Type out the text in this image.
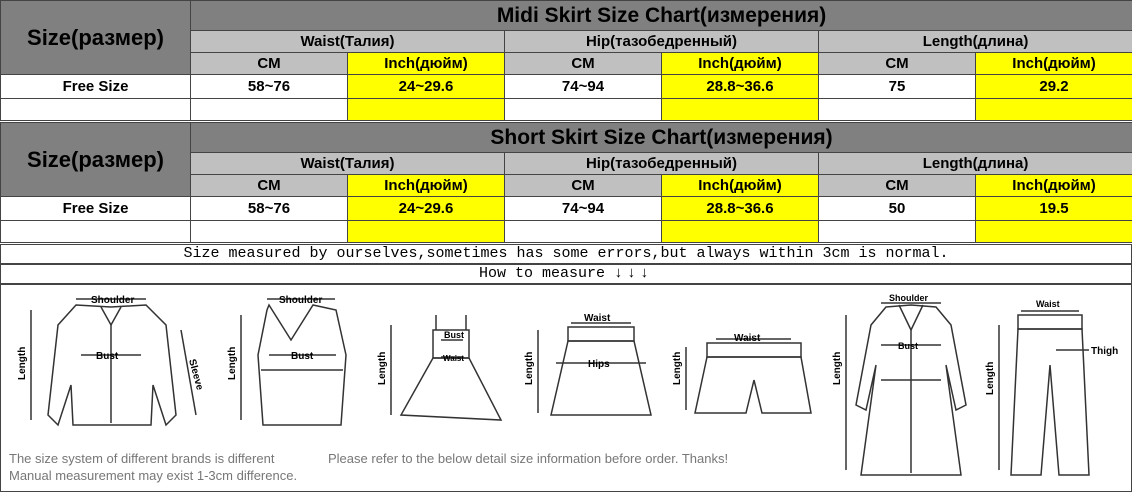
Size(размер)	Midi Skirt Size Chart(измерения)					
	Waist(Талия)		Hip(тазобедренный)		Length(длина)	
	CM	Inch(дюйм)	CM	Inch(дюйм)	CM	Inch(дюйм)
Free Size	58~76	24~29.6	74~94	28.8~36.6	75	29.2

Size(размер)	Short Skirt Size Chart(измерения)					
	Waist(Талия)		Hip(тазобедренный)		Length(длина)	
	CM	Inch(дюйм)	CM	Inch(дюйм)	CM	Inch(дюйм)
Free Size	58~76	24~29.6	74~94	28.8~36.6	50	19.5

Size measured by ourselves,sometimes has some errors,but always within 3cm is normal.
How to measure ↓↓↓
Shoulder
Bust
Length	Sleeve
Shoulder
Bust
Length
Bust
Waist
Length
Waist
Hips
Length
Waist
Length
Shoulder
Bust
Length
Waist
Thigh
Length
The size system of different brands is different	Please refer to the below detail size information before order. Thanks!
Manual measurement may exist 1-3cm difference.
